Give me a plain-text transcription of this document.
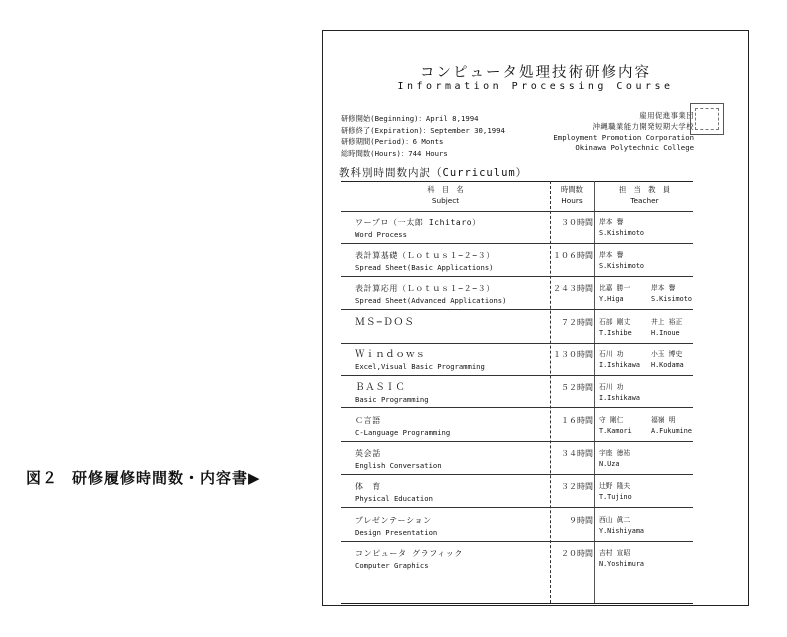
図２ 研修履修時間数・内容書▶
コンピュータ処理技術研修内容
Information Processing Course
研修開始(Beginning)：April 8,1994
研修終了(Expiration)：September 30,1994
研修期間(Period)：6 Monts
総時間数(Hours)：744 Hours
雇用促進事業団
沖縄職業能力開発短期大学校
Employment Promotion Corporation
Okinawa Polytechnic College
教科別時間数内訳（Curriculum）
科　目　名
Subject
時間数
Hours
担　当　教　員
Teacher
ワープロ（一太郎 Ichitaro）
Word Process
３０時間 岸本 譽
S.Kishimoto
表計算基礎（Ｌｏｔｕｓ１−２−３）
Spread Sheet(Basic Applications)
１０６時間 岸本 譽
S.Kishimoto
表計算応用（Ｌｏｔｕｓ１−２−３）
Spread Sheet(Advanced Applications)
２４３時間 比嘉 勝一
Y.Higa
岸本 譽
S.Kisimoto
ＭＳ−ＤＯＳ	７２時間 石部 剛丈
T.Ishibe
井上 裕正
H.Inoue
Ｗｉｎｄｏｗｓ
Excel,Visual Basic Programming
１３０時間 石川 功
I.Ishikawa
小玉 博史
H.Kodama
ＢＡＳＩＣ
Basic Programming
５２時間 石川 功
I.Ishikawa
Ｃ言語
C-Language Programming
１６時間 守 剛仁
T.Kamori
福嶺 明
A.Fukumine
英会話
English Conversation
３４時間 宇座 徳祐
N.Uza
体　育
Physical Education
３２時間 辻野 隆夫
T.Tujino
プレゼンテーション
Design Presentation
９時間 西山 眞二
Y.Nishiyama
コンピュータ グラフィック
Computer Graphics
２０時間 吉村 宣昭
N.Yoshimura
